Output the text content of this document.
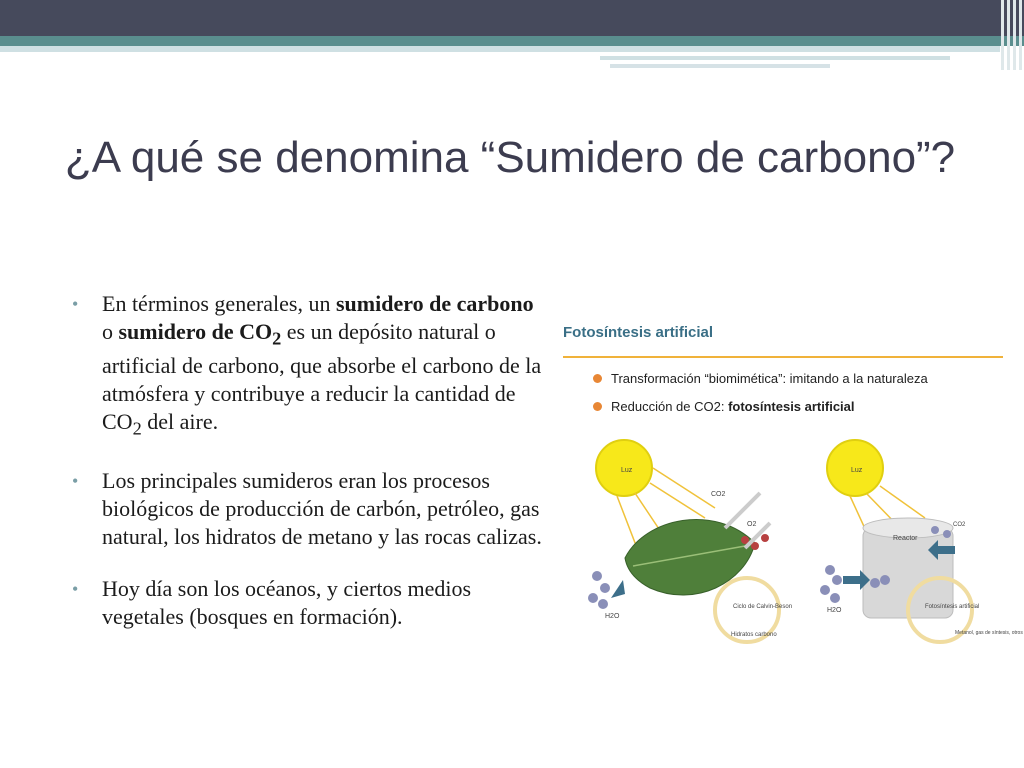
¿A qué se denomina “Sumidero de carbono”?
• En términos generales, un sumidero de carbono o sumidero de $CO_2$ es un depósito natural o artificial de carbono, que absorbe el carbono de la atmósfera y contribuye a reducir la cantidad de $CO_2$ del aire.
• Los principales sumideros eran los procesos biológicos de producción de carbón, petróleo, gas natural, los hidratos de metano y las rocas calizas.
• Hoy día son los océanos, y ciertos medios vegetales (bosques en formación).
Fotosíntesis artificial
Transformación “biomimética”: imitando a la naturaleza
Reducción de CO2: fotosíntesis artificial
Luz
CO2
O2
H2O
Ciclo de Calvin-Beson
Hidratos carbono
Luz
Reactor
CO2
H2O	Fotosíntesis artificial
Metanol, gas de síntesis, otros
